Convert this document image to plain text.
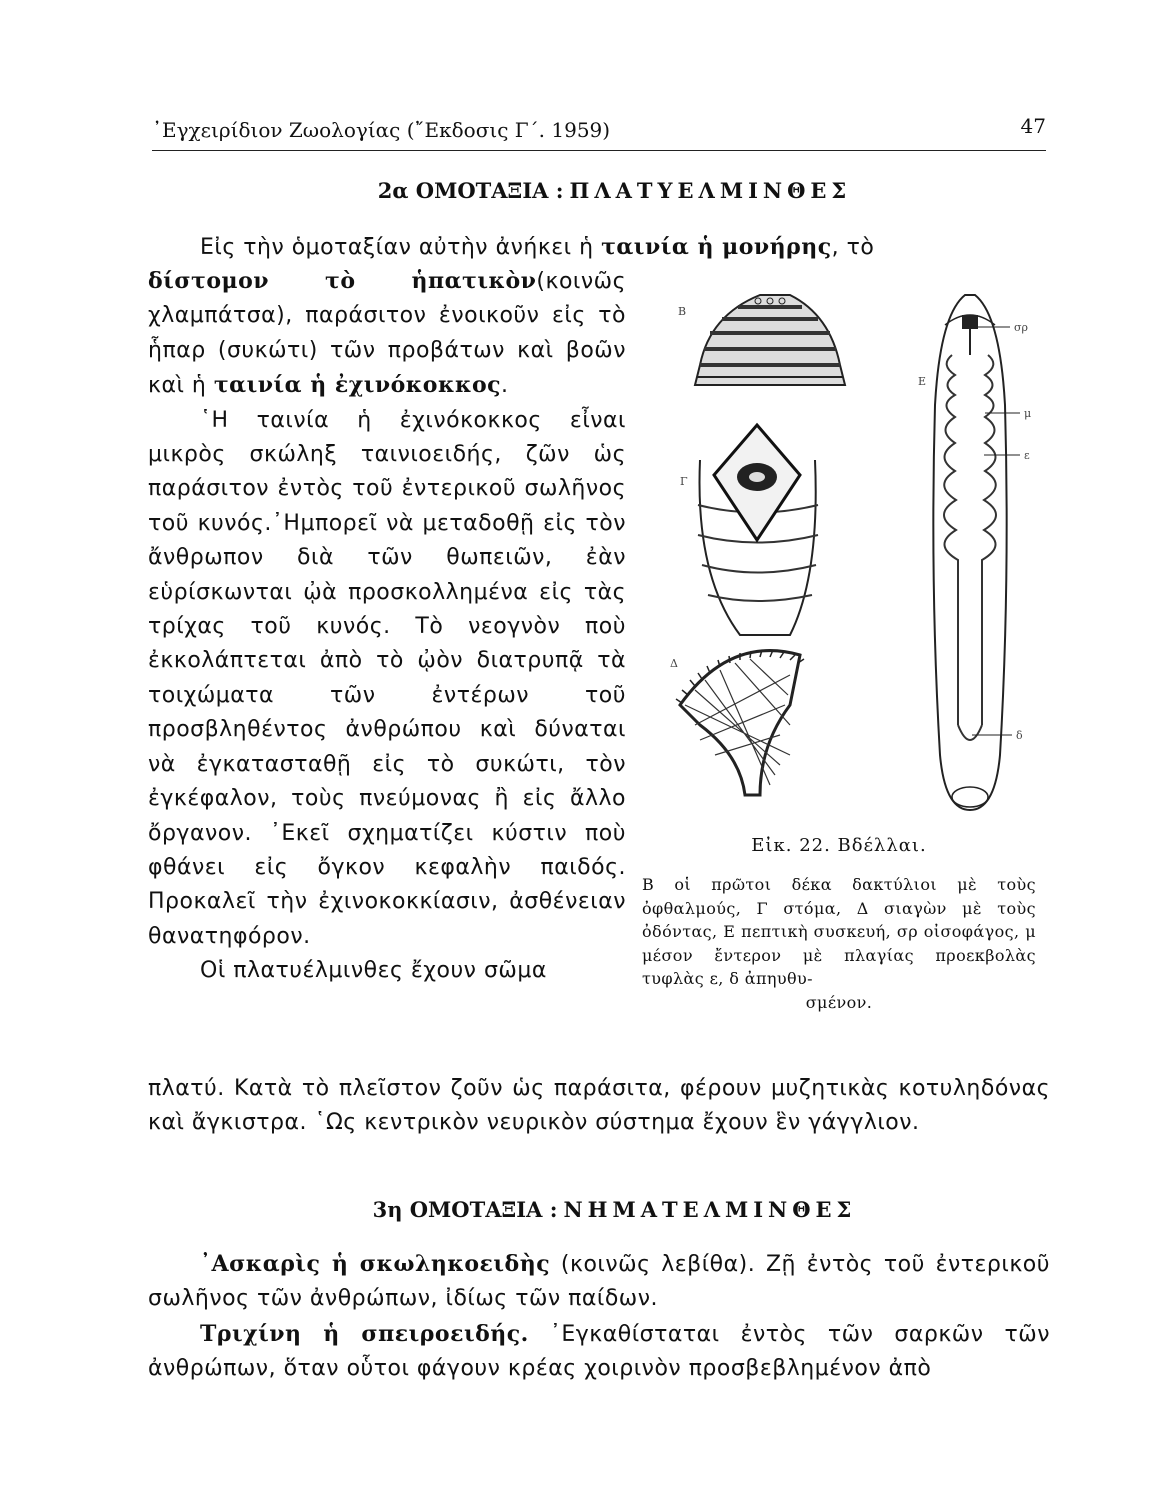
᾿Εγχειρίδιον Ζωολογίας (῎Εκδοσις Γ΄. 1959)	47
2α ΟΜΟΤΑΞΙΑ : ΠΛΑΤΥΕΛΜΙΝΘΕΣ

Εἰς τὴν ὁμοταξίαν αὐτὴν ἀνήκει ἡ ταινία ἡ μονήρης, τὸ

δίστομον τὸ ἡπατικὸν(κοινῶς χλαμπάτσα), παράσιτον ἐνοικοῦν εἰς τὸ ἧπαρ (συκώτι) τῶν προβάτων καὶ βοῶν καὶ ἡ ταινία ἡ ἐχινόκοκκος.

῾Η ταινία ἡ ἐχινόκοκκος εἶναι μικρὸς σκώληξ ταινιοειδής, ζῶν ὡς παράσιτον ἐντὸς τοῦ ἐντερικοῦ σωλῆνος τοῦ κυνός.᾿Ημπορεῖ νὰ μεταδοθῇ εἰς τὸν ἄνθρωπον διὰ τῶν θωπειῶν, ἐὰν εὑρίσκωνται ᾠὰ προσκολλημένα εἰς τὰς τρίχας τοῦ κυνός. Τὸ νεογνὸν ποὺ ἐκκολάπτεται ἀπὸ τὸ ᾠὸν διατρυπᾷ τὰ τοιχώματα τῶν ἐντέρων τοῦ προσβληθέντος ἀνθρώπου καὶ δύναται νὰ ἐγκατασταθῇ εἰς τὸ συκώτι, τὸν ἐγκέφαλον, τοὺς πνεύμονας ἢ εἰς ἄλλο ὄργανον. ᾿Εκεῖ σχηματίζει κύστιν ποὺ φθάνει εἰς ὄγκον κεφαλὴν παιδός. Προκαλεῖ τὴν ἐχινοκοκκίασιν, ἀσθένειαν θανατηφόρον.

Οἱ πλατυέλμινθες ἔχουν σῶμα

πλατύ. Κατὰ τὸ πλεῖστον ζοῦν ὡς παράσιτα, φέρουν μυζητικὰς κοτυληδόνας καὶ ἄγκιστρα. ῾Ως κεντρικὸν νευρικὸν σύστημα ἔχουν ἓν γάγγλιον.

Β
Γ
Δ
Ε
σρ
μ
ε
δ
Εἰκ. 22. Βδέλλαι.
Β οἱ πρῶτοι δέκα δακτύλιοι μὲ τοὺς ὀφθαλμούς, Γ στόμα, Δ σιαγὼν μὲ τοὺς ὀδόντας, Ε πεπτικὴ συσκευή, σρ οἰσοφάγος, μ μέσον ἔντερον μὲ πλαγίας προεκβολὰς τυφλὰς ε, δ ἀπηυθυ-
σμένον.
3η ΟΜΟΤΑΞΙΑ : ΝΗΜΑΤΕΛΜΙΝΘΕΣ

᾿Ασκαρὶς ἡ σκωληκοειδὴς (κοινῶς λεβίθα). Ζῇ ἐντὸς τοῦ ἐντερικοῦ σωλῆνος τῶν ἀνθρώπων, ἰδίως τῶν παίδων.

Τριχίνη ἡ σπειροειδής. ᾿Εγκαθίσταται ἐντὸς τῶν σαρκῶν τῶν ἀνθρώπων, ὅταν οὗτοι φάγουν κρέας χοιρινὸν προσβεβλημένον ἀπὸ
